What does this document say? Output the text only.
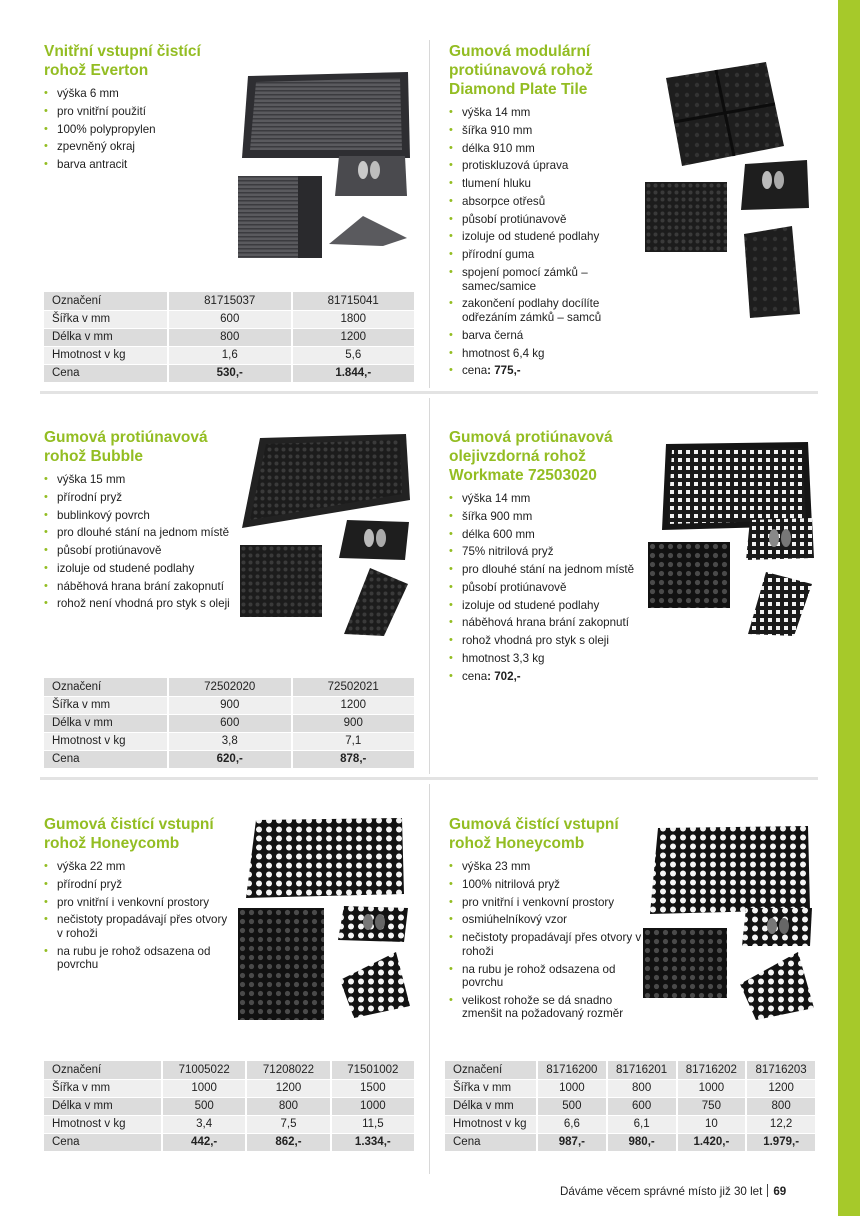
Vnitřní vstupní čistící
rohož Everton
• výška 6 mm
• pro vnitřní použití
• 100% polypropylen
• zpevněný okraj
• barva antracit
Označení	81715037	81715041
Šířka v mm	600	1800
Délka v mm	800	1200
Hmotnost v kg	1,6	5,6
Cena	530,-	1.844,-
Gumová modulární
protiúnavová rohož
Diamond Plate Tile
• výška 14 mm
• šířka 910 mm
• délka 910 mm
• protiskluzová úprava
• tlumení hluku
• absorpce otřesů
• působí protiúnavově
• izoluje od studené podlahy
• přírodní guma
• spojení pomocí zámků – samec/samice
• zakončení podlahy docílíte odřezáním zámků – samců
• barva černá
• hmotnost 6,4 kg
• cena: 775,-
Gumová protiúnavová
rohož Bubble
• výška 15 mm
• přírodní pryž
• bublinkový povrch
• pro dlouhé stání na jednom místě
• působí protiúnavově
• izoluje od studené podlahy
• náběhová hrana brání zakopnutí
• rohož není vhodná pro styk s oleji
Označení	72502020	72502021
Šířka v mm	900	1200
Délka v mm	600	900
Hmotnost v kg	3,8	7,1
Cena	620,-	878,-
Gumová protiúnavová
olejivzdorná rohož
Workmate 72503020
• výška 14 mm
• šířka 900 mm
• délka 600 mm
• 75% nitrilová pryž
• pro dlouhé stání na jednom místě
• působí protiúnavově
• izoluje od studené podlahy
• náběhová hrana brání zakopnutí
• rohož vhodná pro styk s oleji
• hmotnost 3,3 kg
• cena: 702,-
Gumová čistící vstupní
rohož Honeycomb
• výška 22 mm
• přírodní pryž
• pro vnitřní i venkovní prostory
• nečistoty propadávají přes otvory v rohoži
• na rubu je rohož odsazena od povrchu
Označení	71005022	71208022	71501002
Šířka v mm	1000	1200	1500
Délka v mm	500	800	1000
Hmotnost v kg	3,4	7,5	11,5
Cena	442,-	862,-	1.334,-
Gumová čistící vstupní
rohož Honeycomb
• výška 23 mm
• 100% nitrilová pryž
• pro vnitřní i venkovní prostory
• osmiúhelníkový vzor
• nečistoty propadávají přes otvory v rohoži
• na rubu je rohož odsazena od povrchu
• velikost rohože se dá snadno zmenšit na požadovaný rozměr
Označení	81716200	81716201	81716202	81716203
Šířka v mm	1000	800	1000	1200
Délka v mm	500	600	750	800
Hmotnost v kg	6,6	6,1	10	12,2
Cena	987,-	980,-	1.420,-	1.979,-
Dáváme věcem správné místo již 30 let 69
